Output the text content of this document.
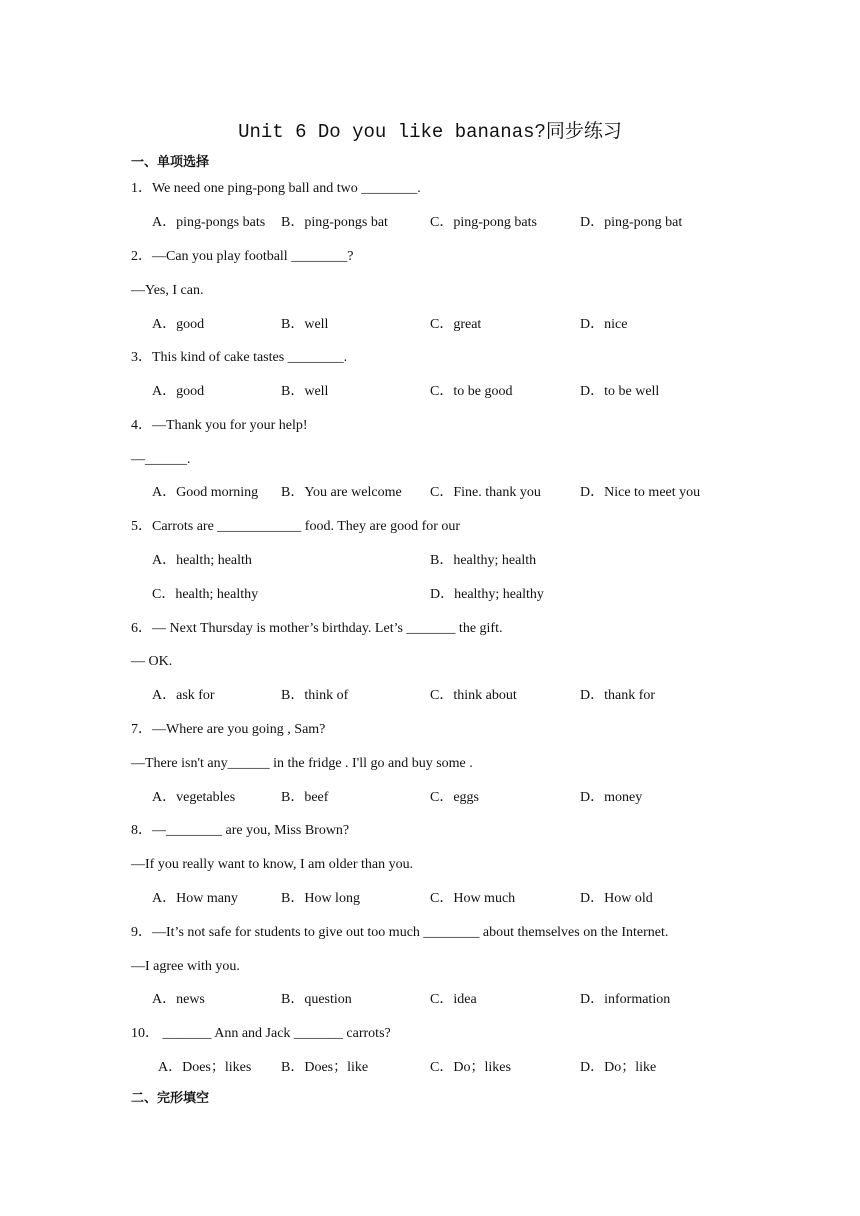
Unit 6 Do you like bananas?同步练习
一、单项选择
1．We need one ping-pong ball and two ________.
A．ping-pongs bats B．ping-pongs bat	C．ping-pong bats	D．ping-pong bat
2．—Can you play football ________?
—Yes, I can.
A．good	B．well	C．great	D．nice
3．This kind of cake tastes ________.
A．good	B．well	C．to be good	D．to be well
4．—Thank you for your help!
—______.
A．Good morning B．You are welcome C．Fine. thank you	D．Nice to meet you
5．Carrots are ____________ food. They are good for our
A．health; health	B．healthy; health
C．health; healthy	D．healthy; healthy
6．— Next Thursday is mother’s birthday. Let’s _______ the gift.
— OK.
A．ask for	B．think of	C．think about	D．thank for
7．—Where are you going , Sam?
—There isn't any______ in the fridge . I'll go and buy some .
A．vegetables	B．beef	C．eggs	D．money
8．—________ are you, Miss Brown?
—If you really want to know, I am older than you.
A．How many	B．How long	C．How much	D．How old
9．—It’s not safe for students to give out too much ________ about themselves on the Internet.
—I agree with you.
A．news	B．question	C．idea	D．information
10． _______ Ann and Jack _______ carrots?
A．Does；likes B．Does；like	C．Do；likes	D．Do；like
二、完形填空
